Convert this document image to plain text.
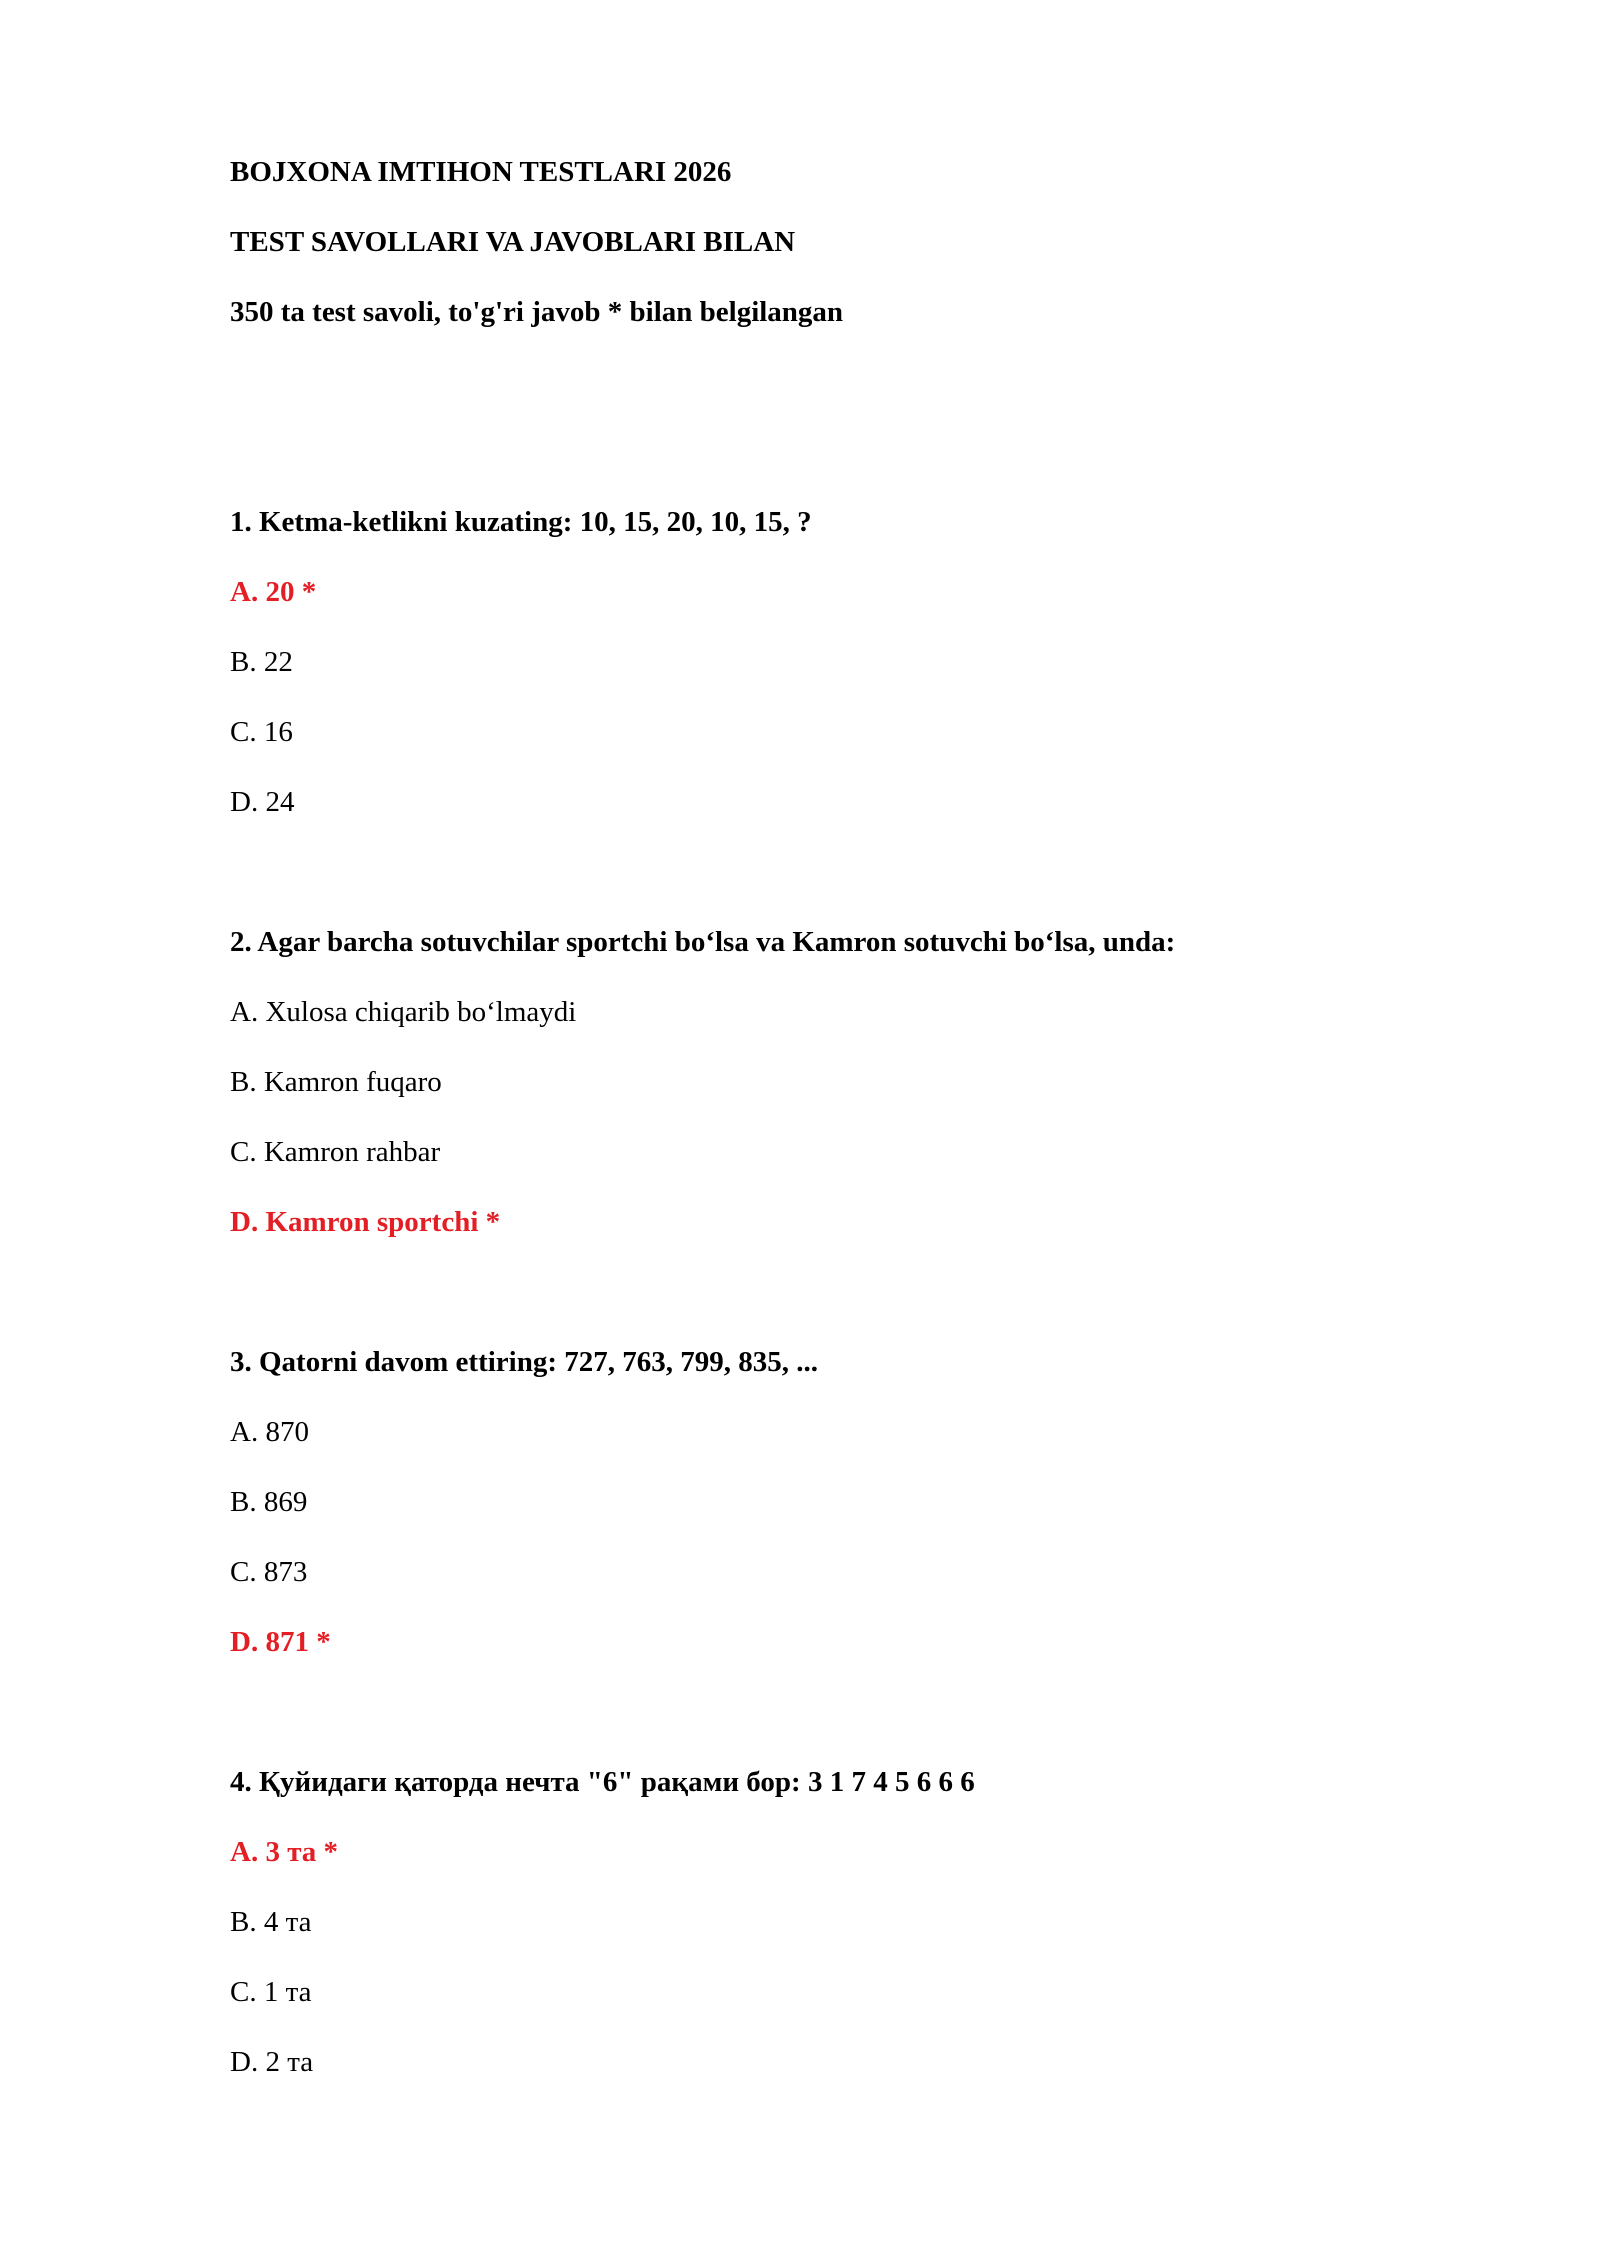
BOJXONA IMTIHON TESTLARI 2026

TEST SAVOLLARI VA JAVOBLARI BILAN

350 ta test savoli, to'g'ri javob * bilan belgilangan

1. Ketma-ketlikni kuzating: 10, 15, 20, 10, 15, ?

A. 20 *

B. 22

C. 16

D. 24

2. Agar barcha sotuvchilar sportchi bo‘lsa va Kamron sotuvchi bo‘lsa, unda:

A. Xulosa chiqarib bo‘lmaydi

B. Kamron fuqaro

C. Kamron rahbar

D. Kamron sportchi *

3. Qatorni davom ettiring: 727, 763, 799, 835, ...

A. 870

B. 869

C. 873

D. 871 *

4. Қуйидаги қаторда нечта "6" рақами бор: 3 1 7 4 5 6 6 6

A. 3 та *

B. 4 та

C. 1 та

D. 2 та
